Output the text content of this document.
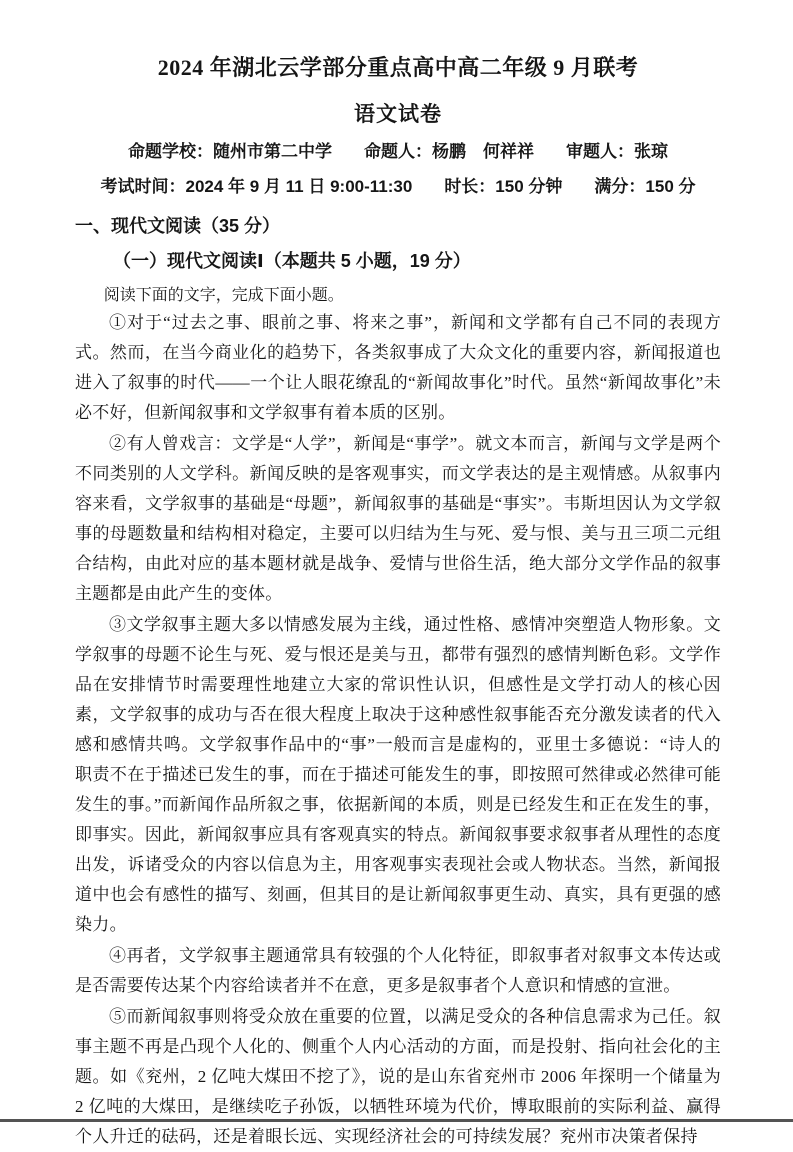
2024 年湖北云学部分重点高中高二年级 9 月联考
语文试卷
命题学校：随州市第二中学 命题人：杨鹏　何祥祥 审题人：张琼
考试时间：2024 年 9 月 11 日 9:00-11:30 时长：150 分钟 满分：150 分
一、现代文阅读（35 分）
（一）现代文阅读Ⅰ（本题共 5 小题，19 分）

阅读下面的文字，完成下面小题。

①对于“过去之事、眼前之事、将来之事”，新闻和文学都有自己不同的表现方式。然而，在当今商业化的趋势下，各类叙事成了大众文化的重要内容，新闻报道也进入了叙事的时代——一个让人眼花缭乱的“新闻故事化”时代。虽然“新闻故事化”未必不好，但新闻叙事和文学叙事有着本质的区别。

②有人曾戏言：文学是“人学”，新闻是“事学”。就文本而言，新闻与文学是两个不同类别的人文学科。新闻反映的是客观事实，而文学表达的是主观情感。从叙事内容来看，文学叙事的基础是“母题”，新闻叙事的基础是“事实”。韦斯坦因认为文学叙事的母题数量和结构相对稳定，主要可以归结为生与死、爱与恨、美与丑三项二元组合结构，由此对应的基本题材就是战争、爱情与世俗生活，绝大部分文学作品的叙事主题都是由此产生的变体。

③文学叙事主题大多以情感发展为主线，通过性格、感情冲突塑造人物形象。文学叙事的母题不论生与死、爱与恨还是美与丑，都带有强烈的感情判断色彩。文学作品在安排情节时需要理性地建立大家的常识性认识，但感性是文学打动人的核心因素，文学叙事的成功与否在很大程度上取决于这种感性叙事能否充分激发读者的代入感和感情共鸣。文学叙事作品中的“事”一般而言是虚构的，亚里士多德说：“诗人的职责不在于描述已发生的事，而在于描述可能发生的事，即按照可然律或必然律可能发生的事。”而新闻作品所叙之事，依据新闻的本质，则是已经发生和正在发生的事，即事实。因此，新闻叙事应具有客观真实的特点。新闻叙事要求叙事者从理性的态度出发，诉诸受众的内容以信息为主，用客观事实表现社会或人物状态。当然，新闻报道中也会有感性的描写、刻画，但其目的是让新闻叙事更生动、真实，具有更强的感染力。

④再者，文学叙事主题通常具有较强的个人化特征，即叙事者对叙事文本传达或是否需要传达某个内容给读者并不在意，更多是叙事者个人意识和情感的宣泄。

⑤而新闻叙事则将受众放在重要的位置，以满足受众的各种信息需求为己任。叙事主题不再是凸现个人化的、侧重个人内心活动的方面，而是投射、指向社会化的主题。如《兖州，2 亿吨大煤田不挖了》，说的是山东省兖州市 2006 年探明一个储量为 2 亿吨的大煤田，是继续吃子孙饭，以牺牲环境为代价，博取眼前的实际利益、赢得个人升迁的砝码，还是着眼长远、实现经济社会的可持续发展？兖州市决策者保持
